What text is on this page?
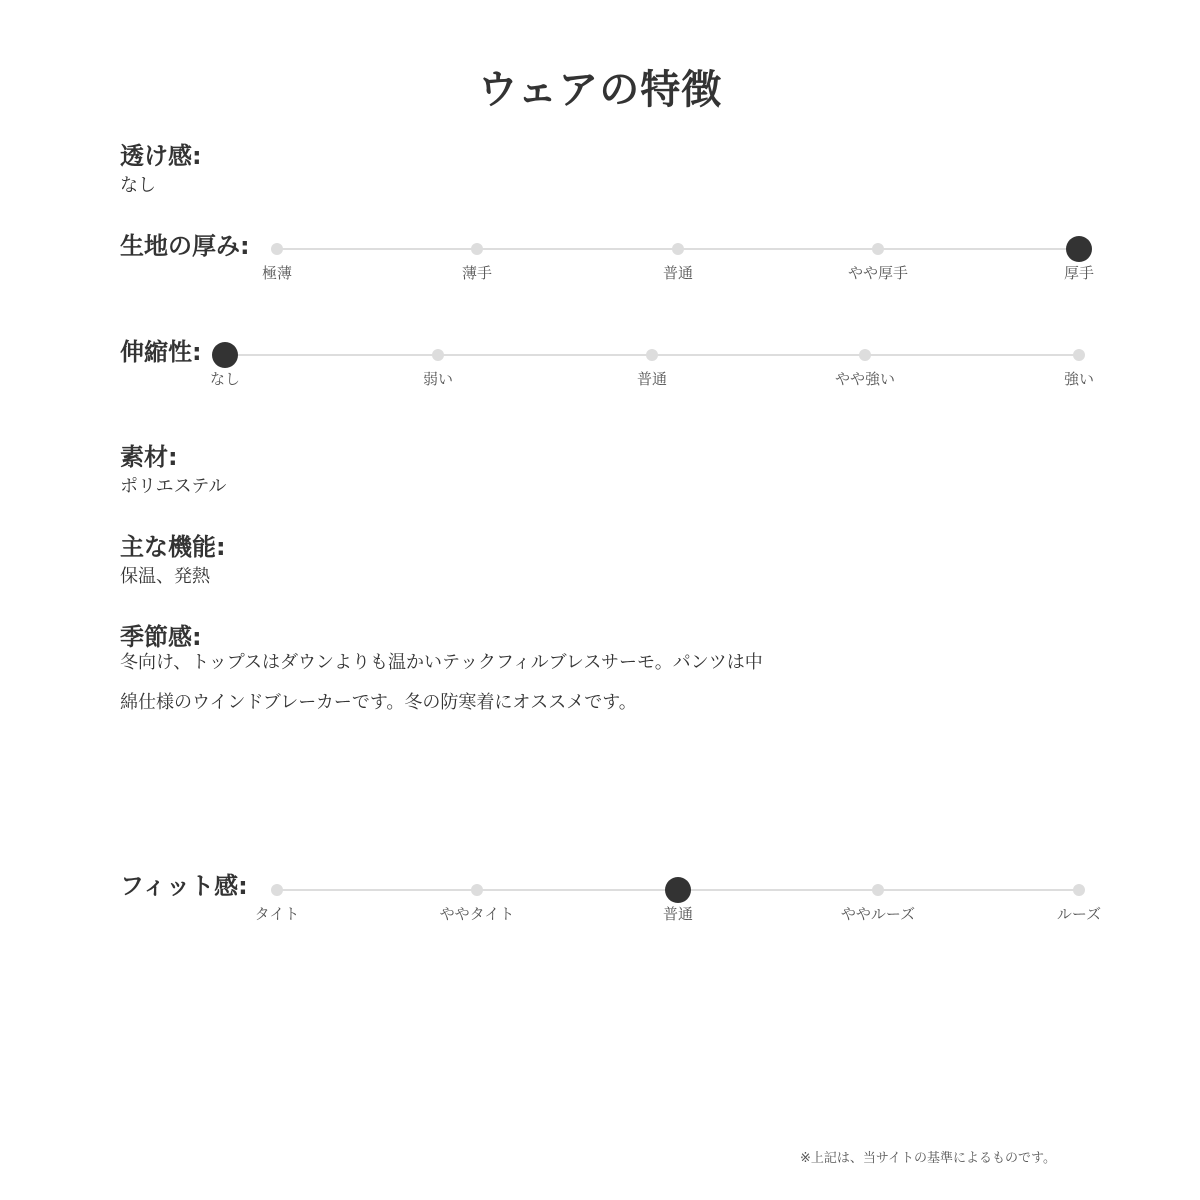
ウェアの特徴
透け感:
なし
生地の厚み:
極薄	薄手	普通	やや厚手	厚手
伸縮性:
なし	弱い	普通	やや強い	強い
素材:
ポリエステル
主な機能:
保温、発熱
季節感:
冬向け、トップスはダウンよりも温かいテックフィルブレスサーモ。パンツは中
綿仕様のウインドブレーカーです。冬の防寒着にオススメです。
フィット感:
タイト	ややタイト	普通	ややルーズ	ルーズ
※上記は、当サイトの基準によるものです。
